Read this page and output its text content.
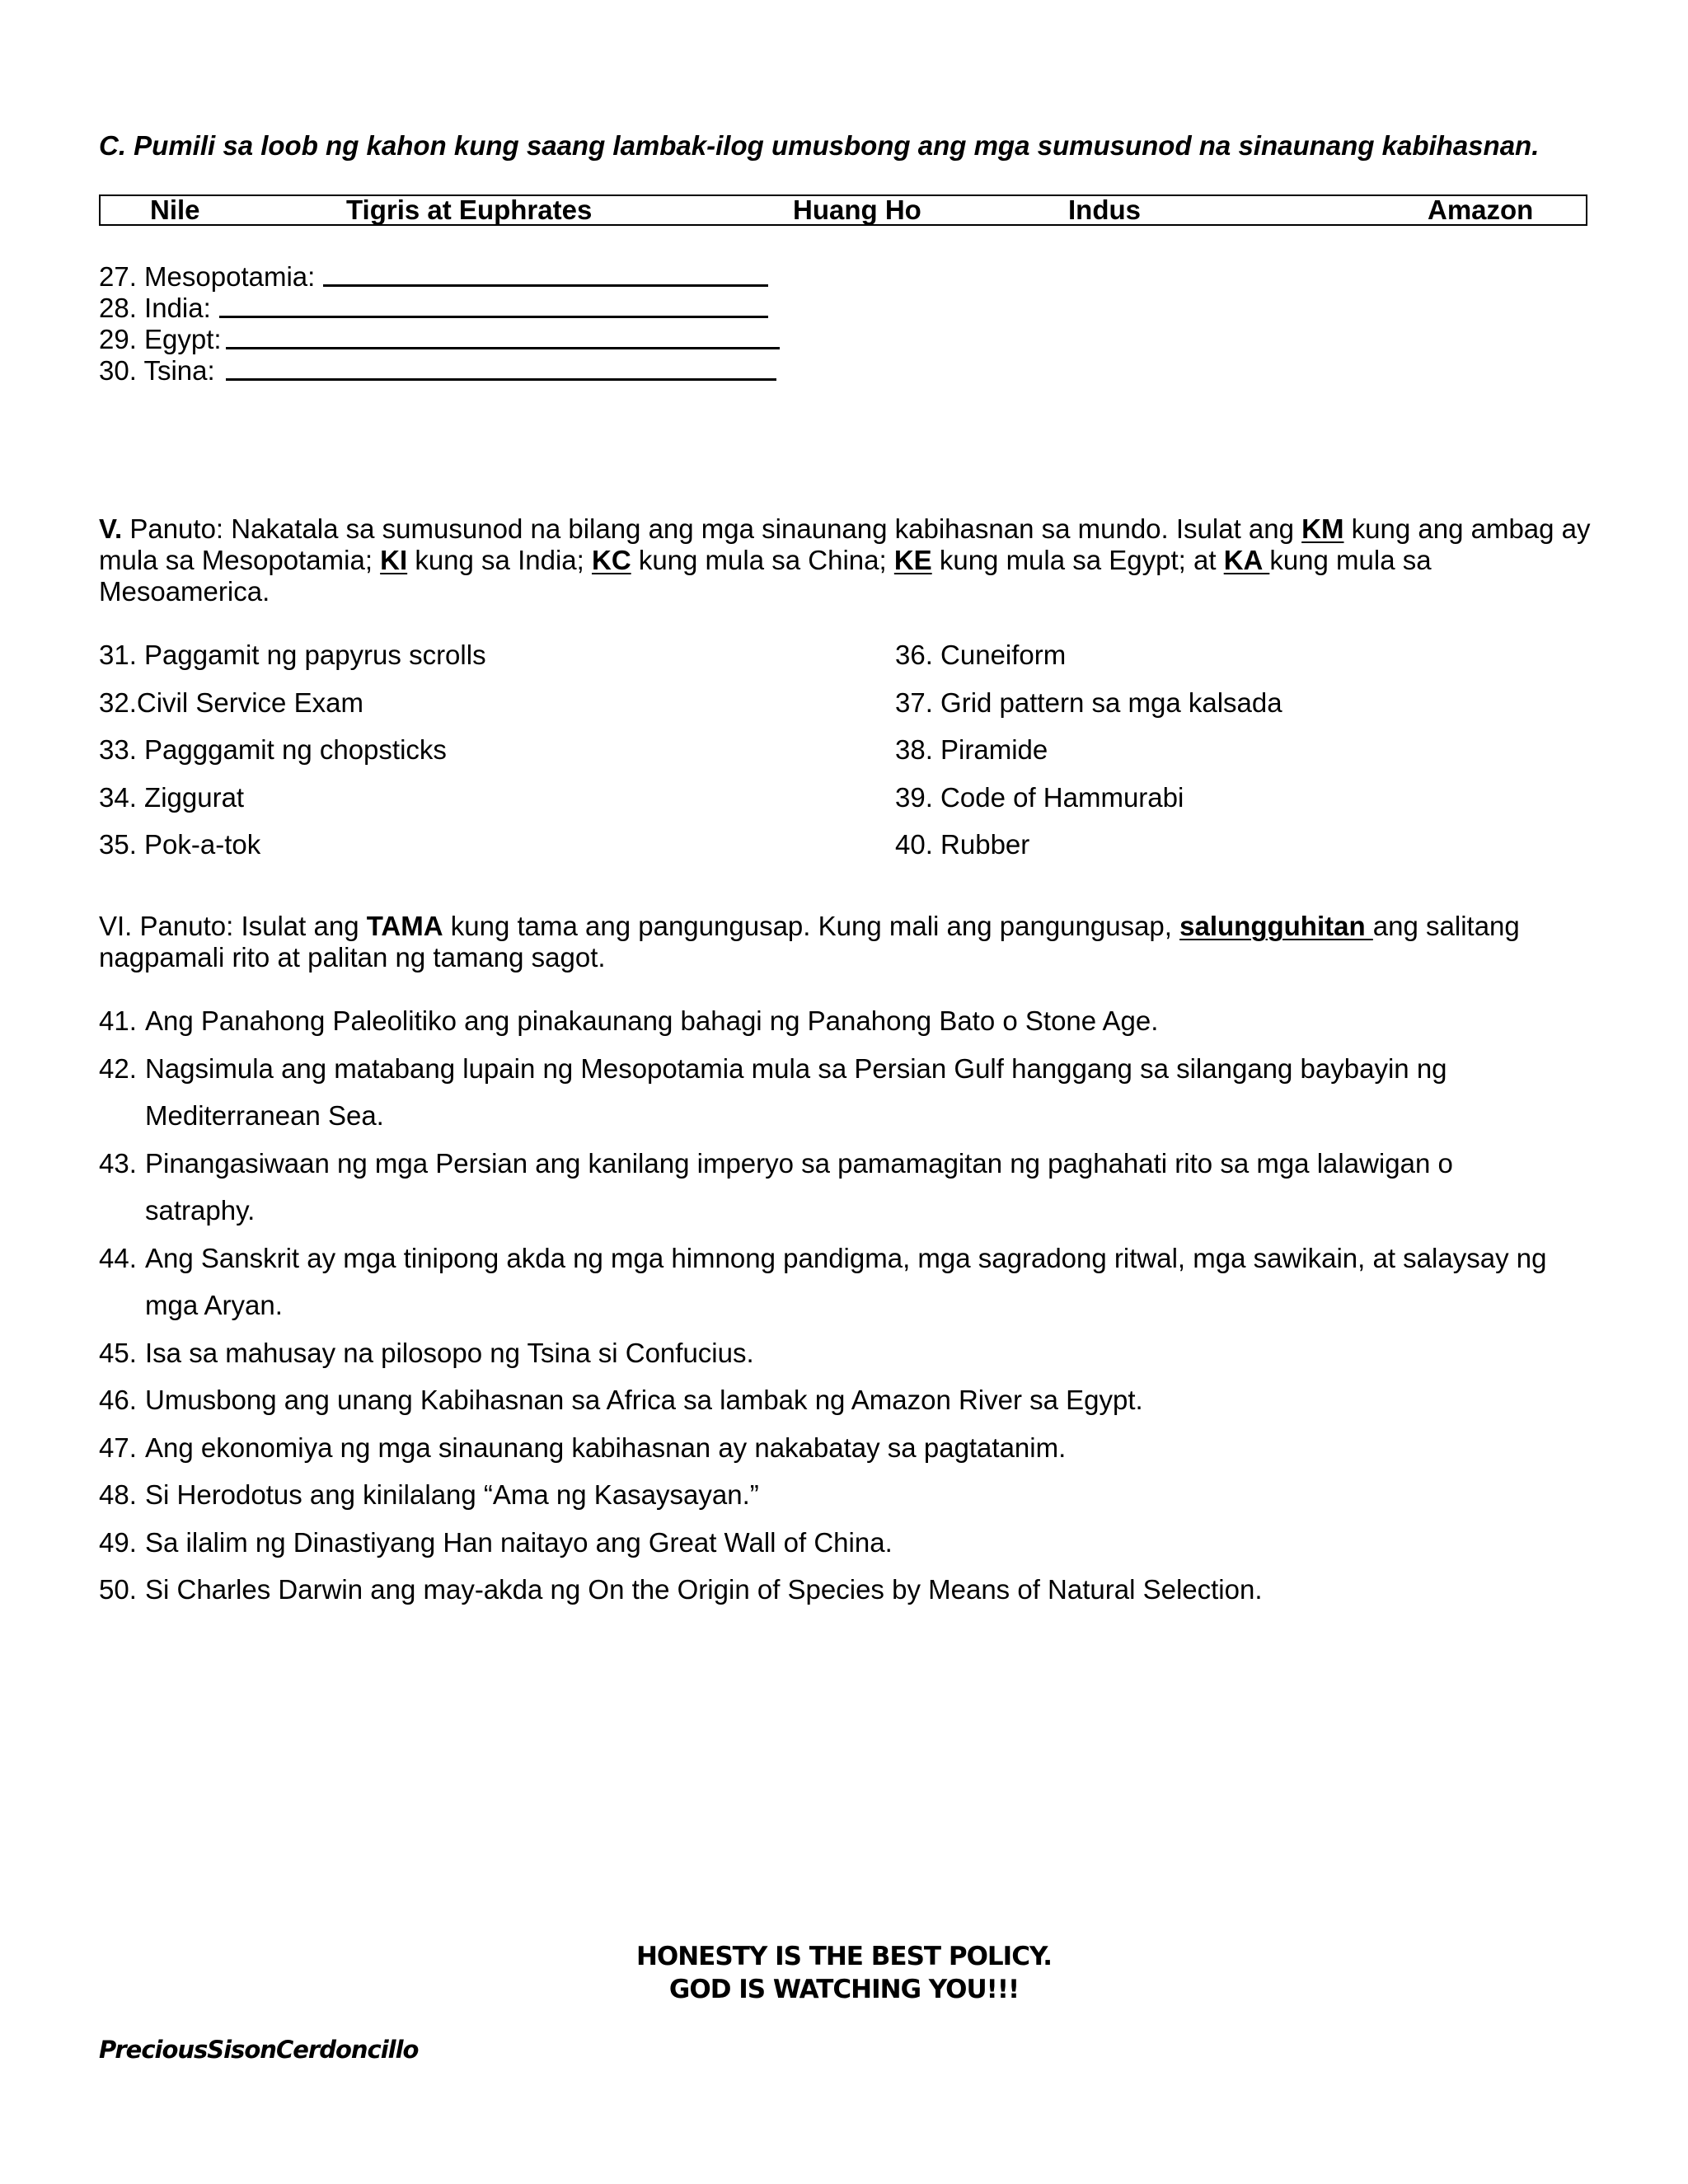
C. Pumili sa loob ng kahon kung saang lambak-ilog umusbong ang mga sumusunod na sinaunang kabihasnan.
Nile	Tigris at Euphrates	Huang Ho	Indus	Amazon
27. Mesopotamia:
28. India:
29. Egypt:
30. Tsina:
V. Panuto: Nakatala sa sumusunod na bilang ang mga sinaunang kabihasnan sa mundo. Isulat ang KM kung ang ambag ay mula sa Mesopotamia; KI kung sa India; KC kung mula sa China; KE kung mula sa Egypt; at KA kung mula sa Mesoamerica.
31. Paggamit ng papyrus scrolls
32.Civil Service Exam
33. Pagggamit ng chopsticks
34. Ziggurat
35. Pok-a-tok
36. Cuneiform
37. Grid pattern sa mga kalsada
38. Piramide
39. Code of Hammurabi
40. Rubber
VI. Panuto: Isulat ang TAMA kung tama ang pangungusap. Kung mali ang pangungusap, salungguhitan ang salitang nagpamali rito at palitan ng tamang sagot.
41. Ang Panahong Paleolitiko ang pinakaunang bahagi ng Panahong Bato o Stone Age.
42. Nagsimula ang matabang lupain ng Mesopotamia mula sa Persian Gulf hanggang sa silangang baybayin ng
Mediterranean Sea.
43. Pinangasiwaan ng mga Persian ang kanilang imperyo sa pamamagitan ng paghahati rito sa mga lalawigan o
satraphy.
44. Ang Sanskrit ay mga tinipong akda ng mga himnong pandigma, mga sagradong ritwal, mga sawikain, at salaysay ng
mga Aryan.
45. Isa sa mahusay na pilosopo ng Tsina si Confucius.
46. Umusbong ang unang Kabihasnan sa Africa sa lambak ng Amazon River sa Egypt.
47. Ang ekonomiya ng mga sinaunang kabihasnan ay nakabatay sa pagtatanim.
48. Si Herodotus ang kinilalang “Ama ng Kasaysayan.”
49. Sa ilalim ng Dinastiyang Han naitayo ang Great Wall of China.
50. Si Charles Darwin ang may-akda ng On the Origin of Species by Means of Natural Selection.
HONESTY IS THE BEST POLICY.
GOD IS WATCHING YOU!!!
PreciousSisonCerdoncillo
